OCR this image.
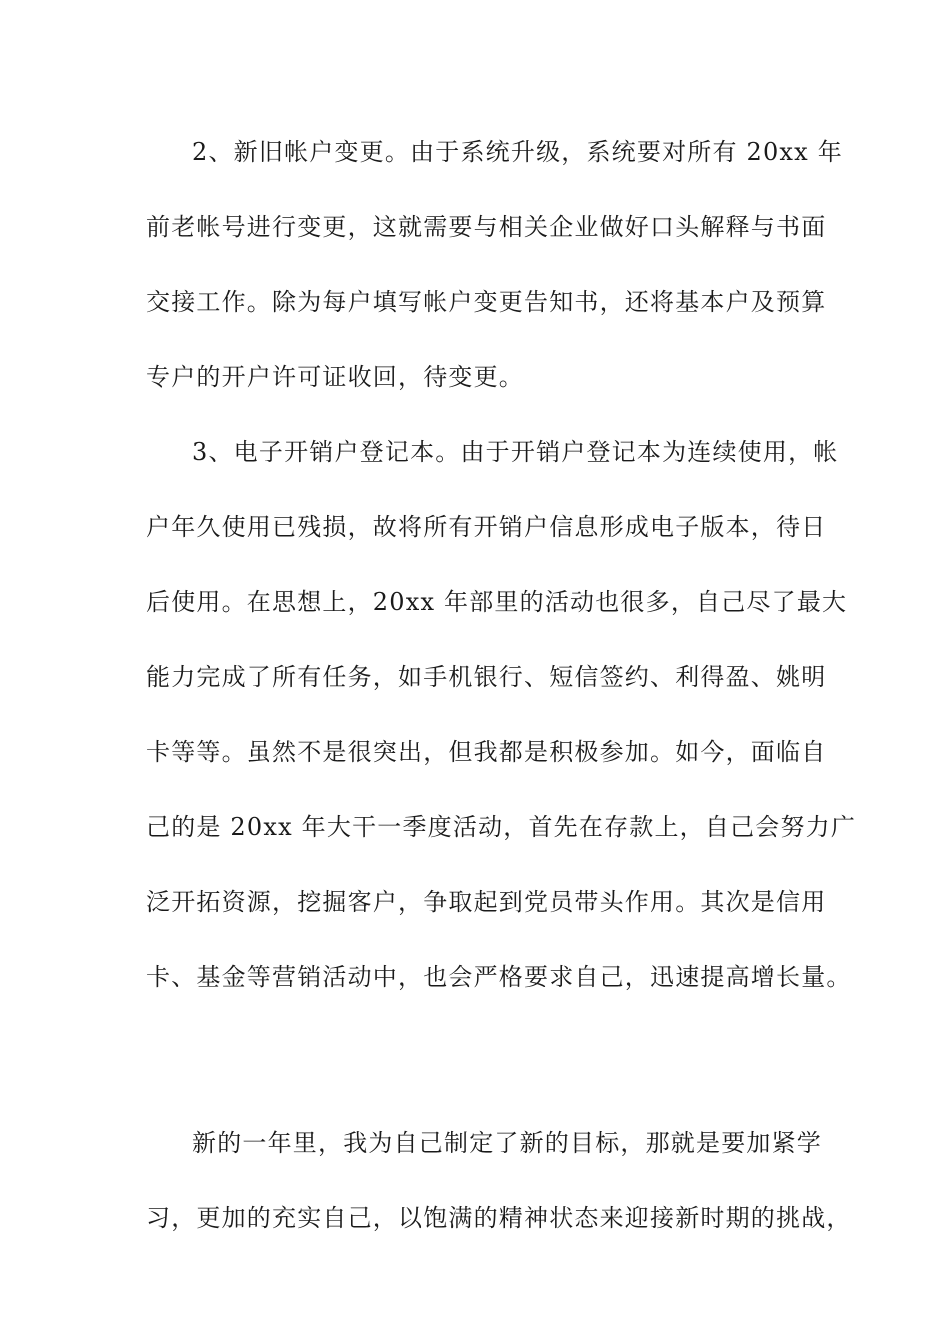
2、新旧帐户变更。由于系统升级，系统要对所有 20xx 年
前老帐号进行变更，这就需要与相关企业做好口头解释与书面
交接工作。除为每户填写帐户变更告知书，还将基本户及预算
专户的开户许可证收回，待变更。
3、电子开销户登记本。由于开销户登记本为连续使用，帐
户年久使用已残损，故将所有开销户信息形成电子版本，待日
后使用。在思想上，20xx 年部里的活动也很多，自己尽了最大
能力完成了所有任务，如手机银行、短信签约、利得盈、姚明
卡等等。虽然不是很突出，但我都是积极参加。如今，面临自
己的是 20xx 年大干一季度活动，首先在存款上，自己会努力广
泛开拓资源，挖掘客户，争取起到党员带头作用。其次是信用
卡、基金等营销活动中，也会严格要求自己，迅速提高增长量。
新的一年里，我为自己制定了新的目标，那就是要加紧学
习，更加的充实自己，以饱满的精神状态来迎接新时期的挑战，
